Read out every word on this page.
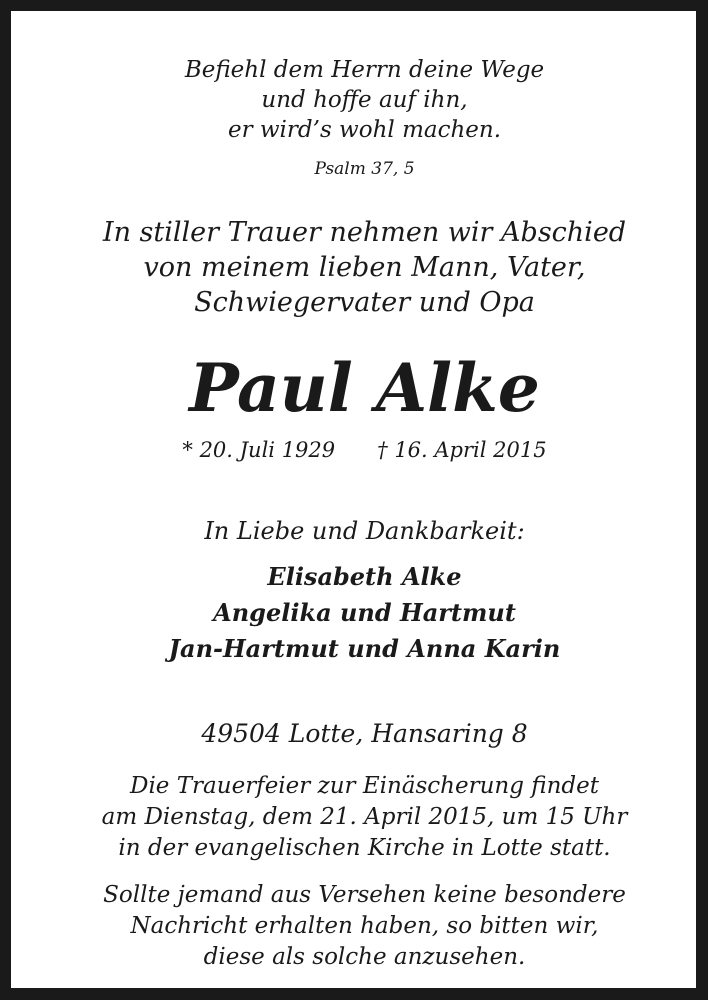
Befiehl dem Herrn deine Wege
und hoffe auf ihn,
er wird’s wohl machen.
Psalm 37, 5
In stiller Trauer nehmen wir Abschied
von meinem lieben Mann, Vater,
Schwiegervater und Opa
Paul Alke
* 20. Juli 1929 † 16. April 2015
In Liebe und Dankbarkeit:
Elisabeth Alke
Angelika und Hartmut
Jan-Hartmut und Anna Karin
49504 Lotte, Hansaring 8
Die Trauerfeier zur Einäscherung findet
am Dienstag, dem 21. April 2015, um 15 Uhr
in der evangelischen Kirche in Lotte statt.
Sollte jemand aus Versehen keine besondere
Nachricht erhalten haben, so bitten wir,
diese als solche anzusehen.
